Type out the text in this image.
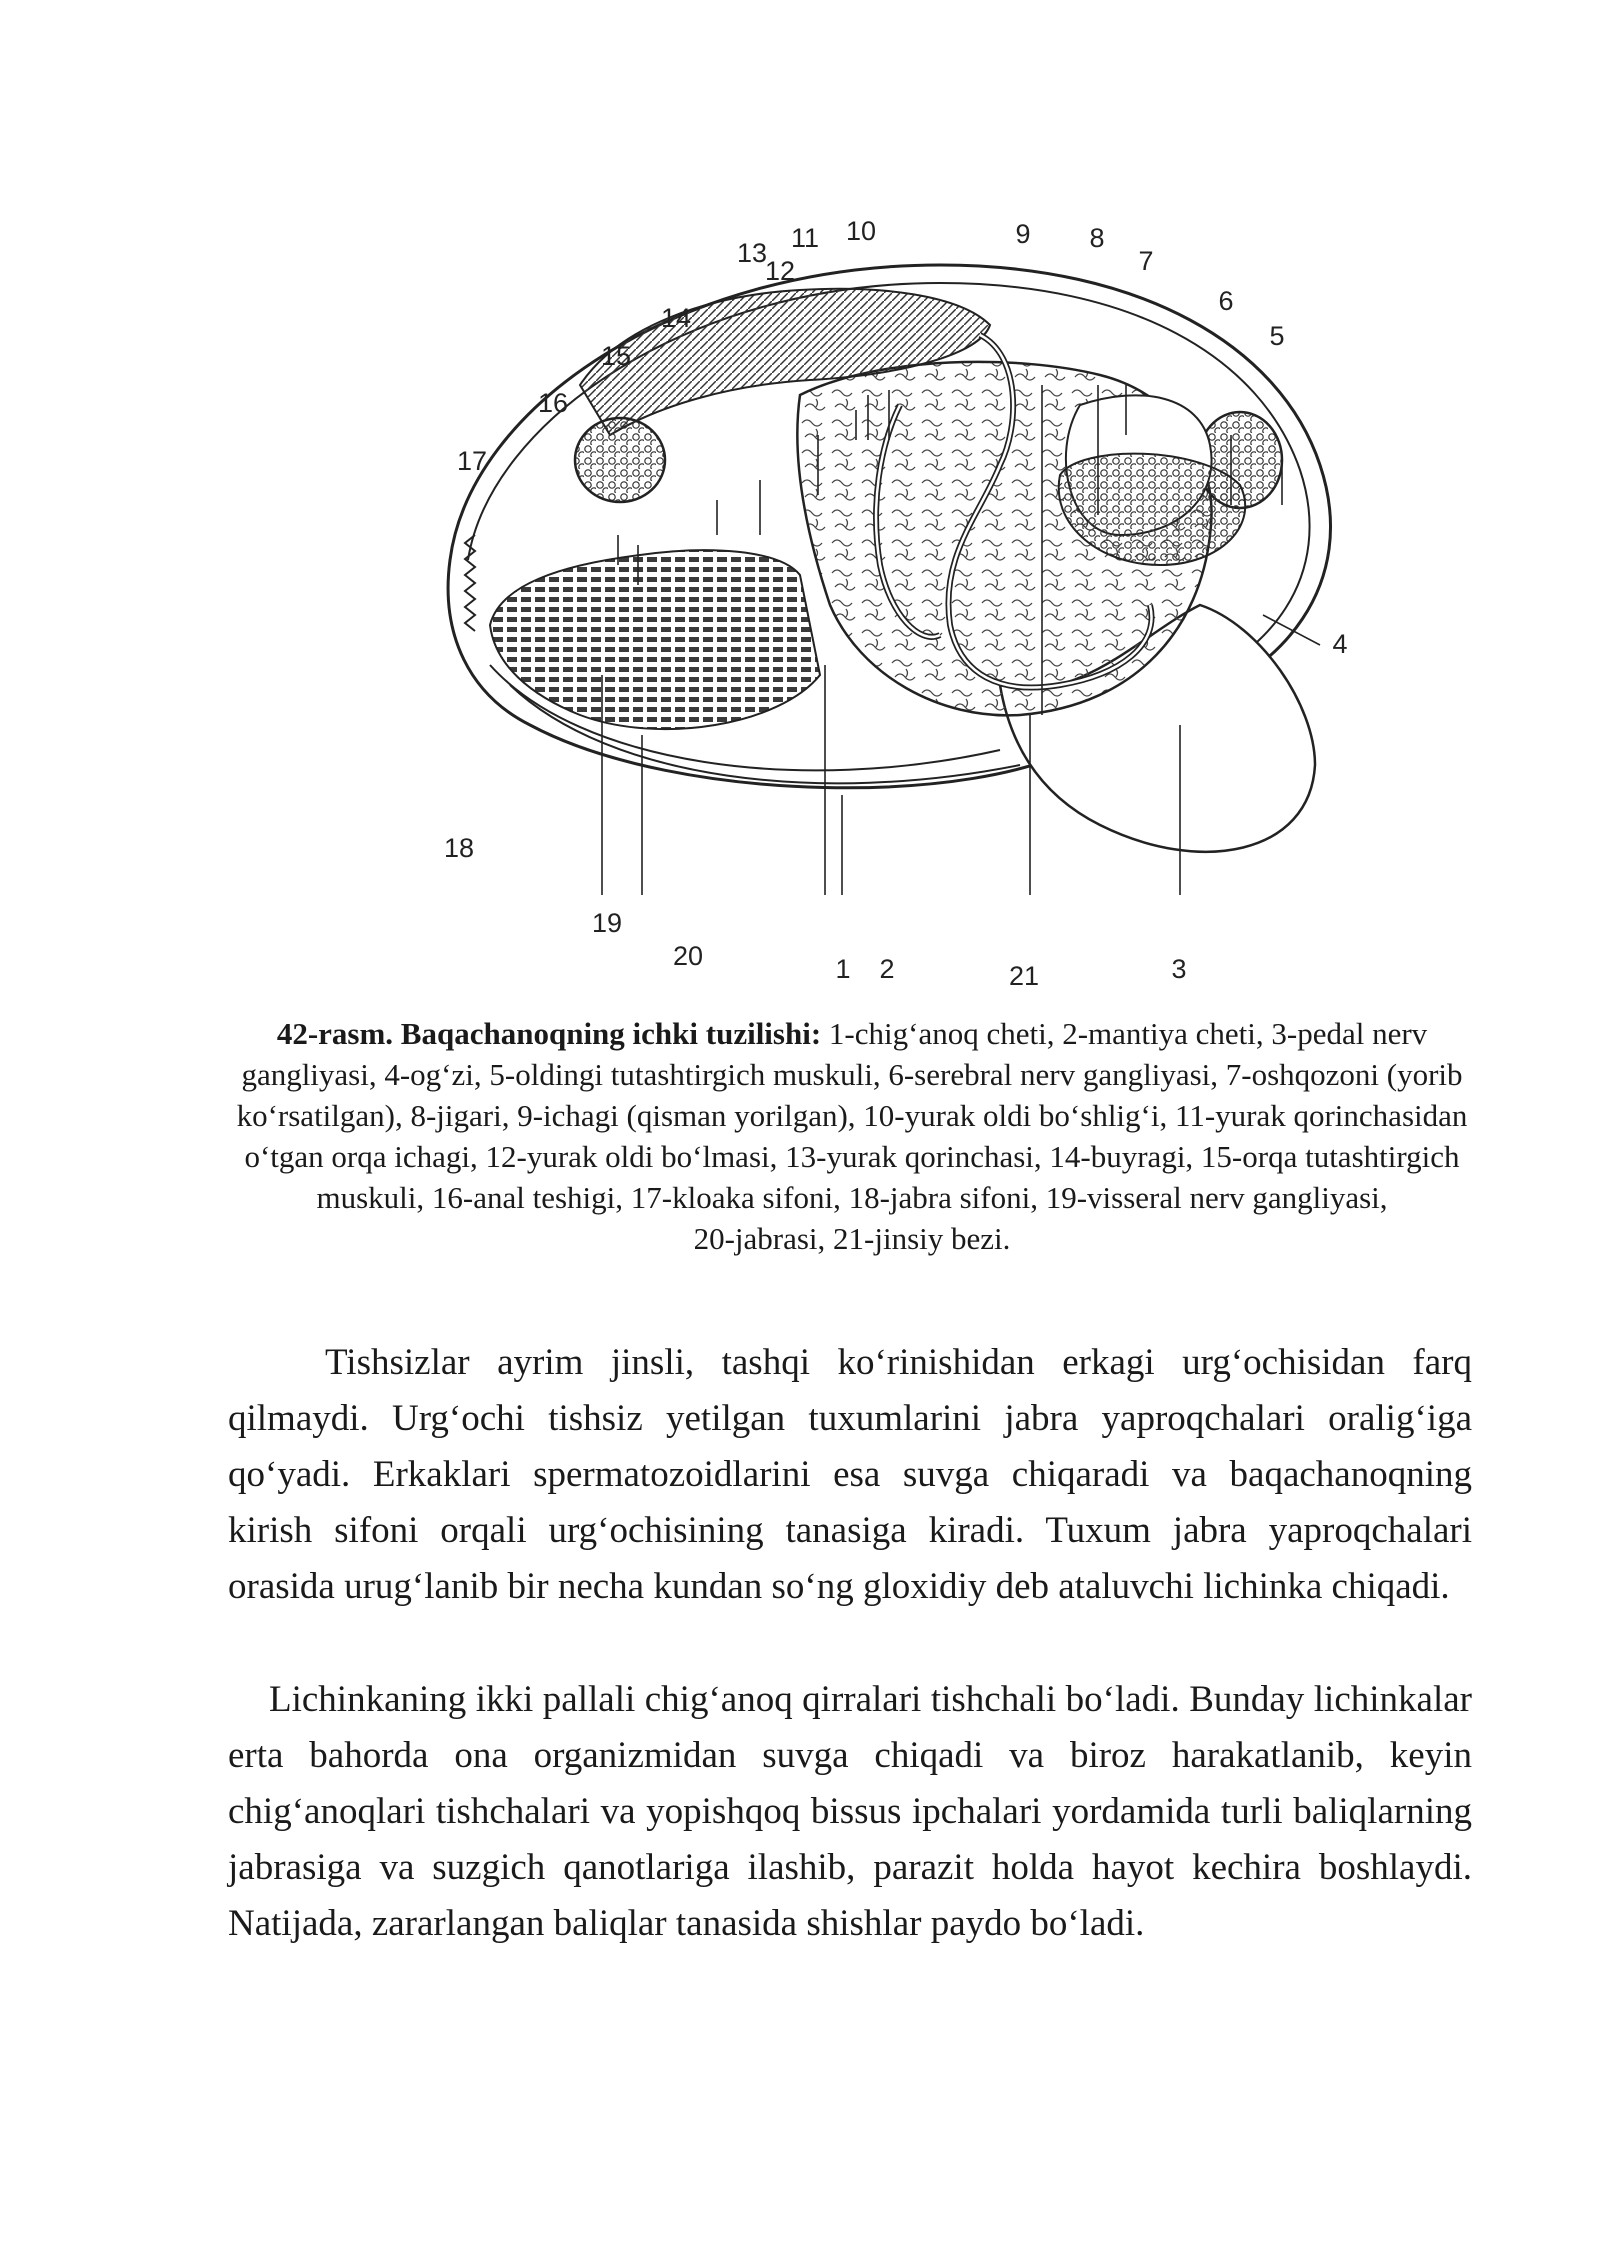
1 2	3
4
5
6
7
8
9
10
11
12
13
14
15
16
17
18
19
20
21
42-rasm. Baqachanoqning ichki tuzilishi: 1-chig‘anoq cheti, 2-mantiya cheti, 3-pedal nerv gangliyasi, 4-og‘zi, 5-oldingi tutashtirgich muskuli, 6-serebral nerv gangliyasi, 7-oshqozoni (yorib ko‘rsatilgan), 8-jigari, 9-ichagi (qisman yorilgan), 10-yurak oldi bo‘shlig‘i, 11-yurak qorinchasidan o‘tgan orqa ichagi, 12-yurak oldi bo‘lmasi, 13-yurak qorinchasi, 14-buyragi, 15-orqa tutashtirgich muskuli, 16-anal teshigi, 17-kloaka sifoni, 18-jabra sifoni, 19-visseral nerv gangliyasi,
20-jabrasi, 21-jinsiy bezi.

Tishsizlar ayrim jinsli, tashqi ko‘rinishidan erkagi urg‘ochisidan farq qilmaydi. Urg‘ochi tishsiz yetilgan tuxumlarini jabra yaproqchalari oralig‘iga qo‘yadi. Erkaklari spermatozoidlarini esa suvga chiqaradi va baqachanoqning kirish sifoni orqali urg‘ochisining tanasiga kiradi. Tuxum jabra yaproqchalari orasida urug‘lanib bir necha kundan so‘ng gloxidiy deb ataluvchi lichinka chiqadi.

Lichinkaning ikki pallali chig‘anoq qirralari tishchali bo‘ladi. Bunday lichinkalar erta bahorda ona organizmidan suvga chiqadi va biroz harakatlanib, keyin chig‘anoqlari tishchalari va yopishqoq bissus ipchalari yordamida turli baliqlarning jabrasiga va suzgich qanotlariga ilashib, parazit holda hayot kechira boshlaydi. Natijada, zararlangan baliqlar tanasida shishlar paydo bo‘ladi.
